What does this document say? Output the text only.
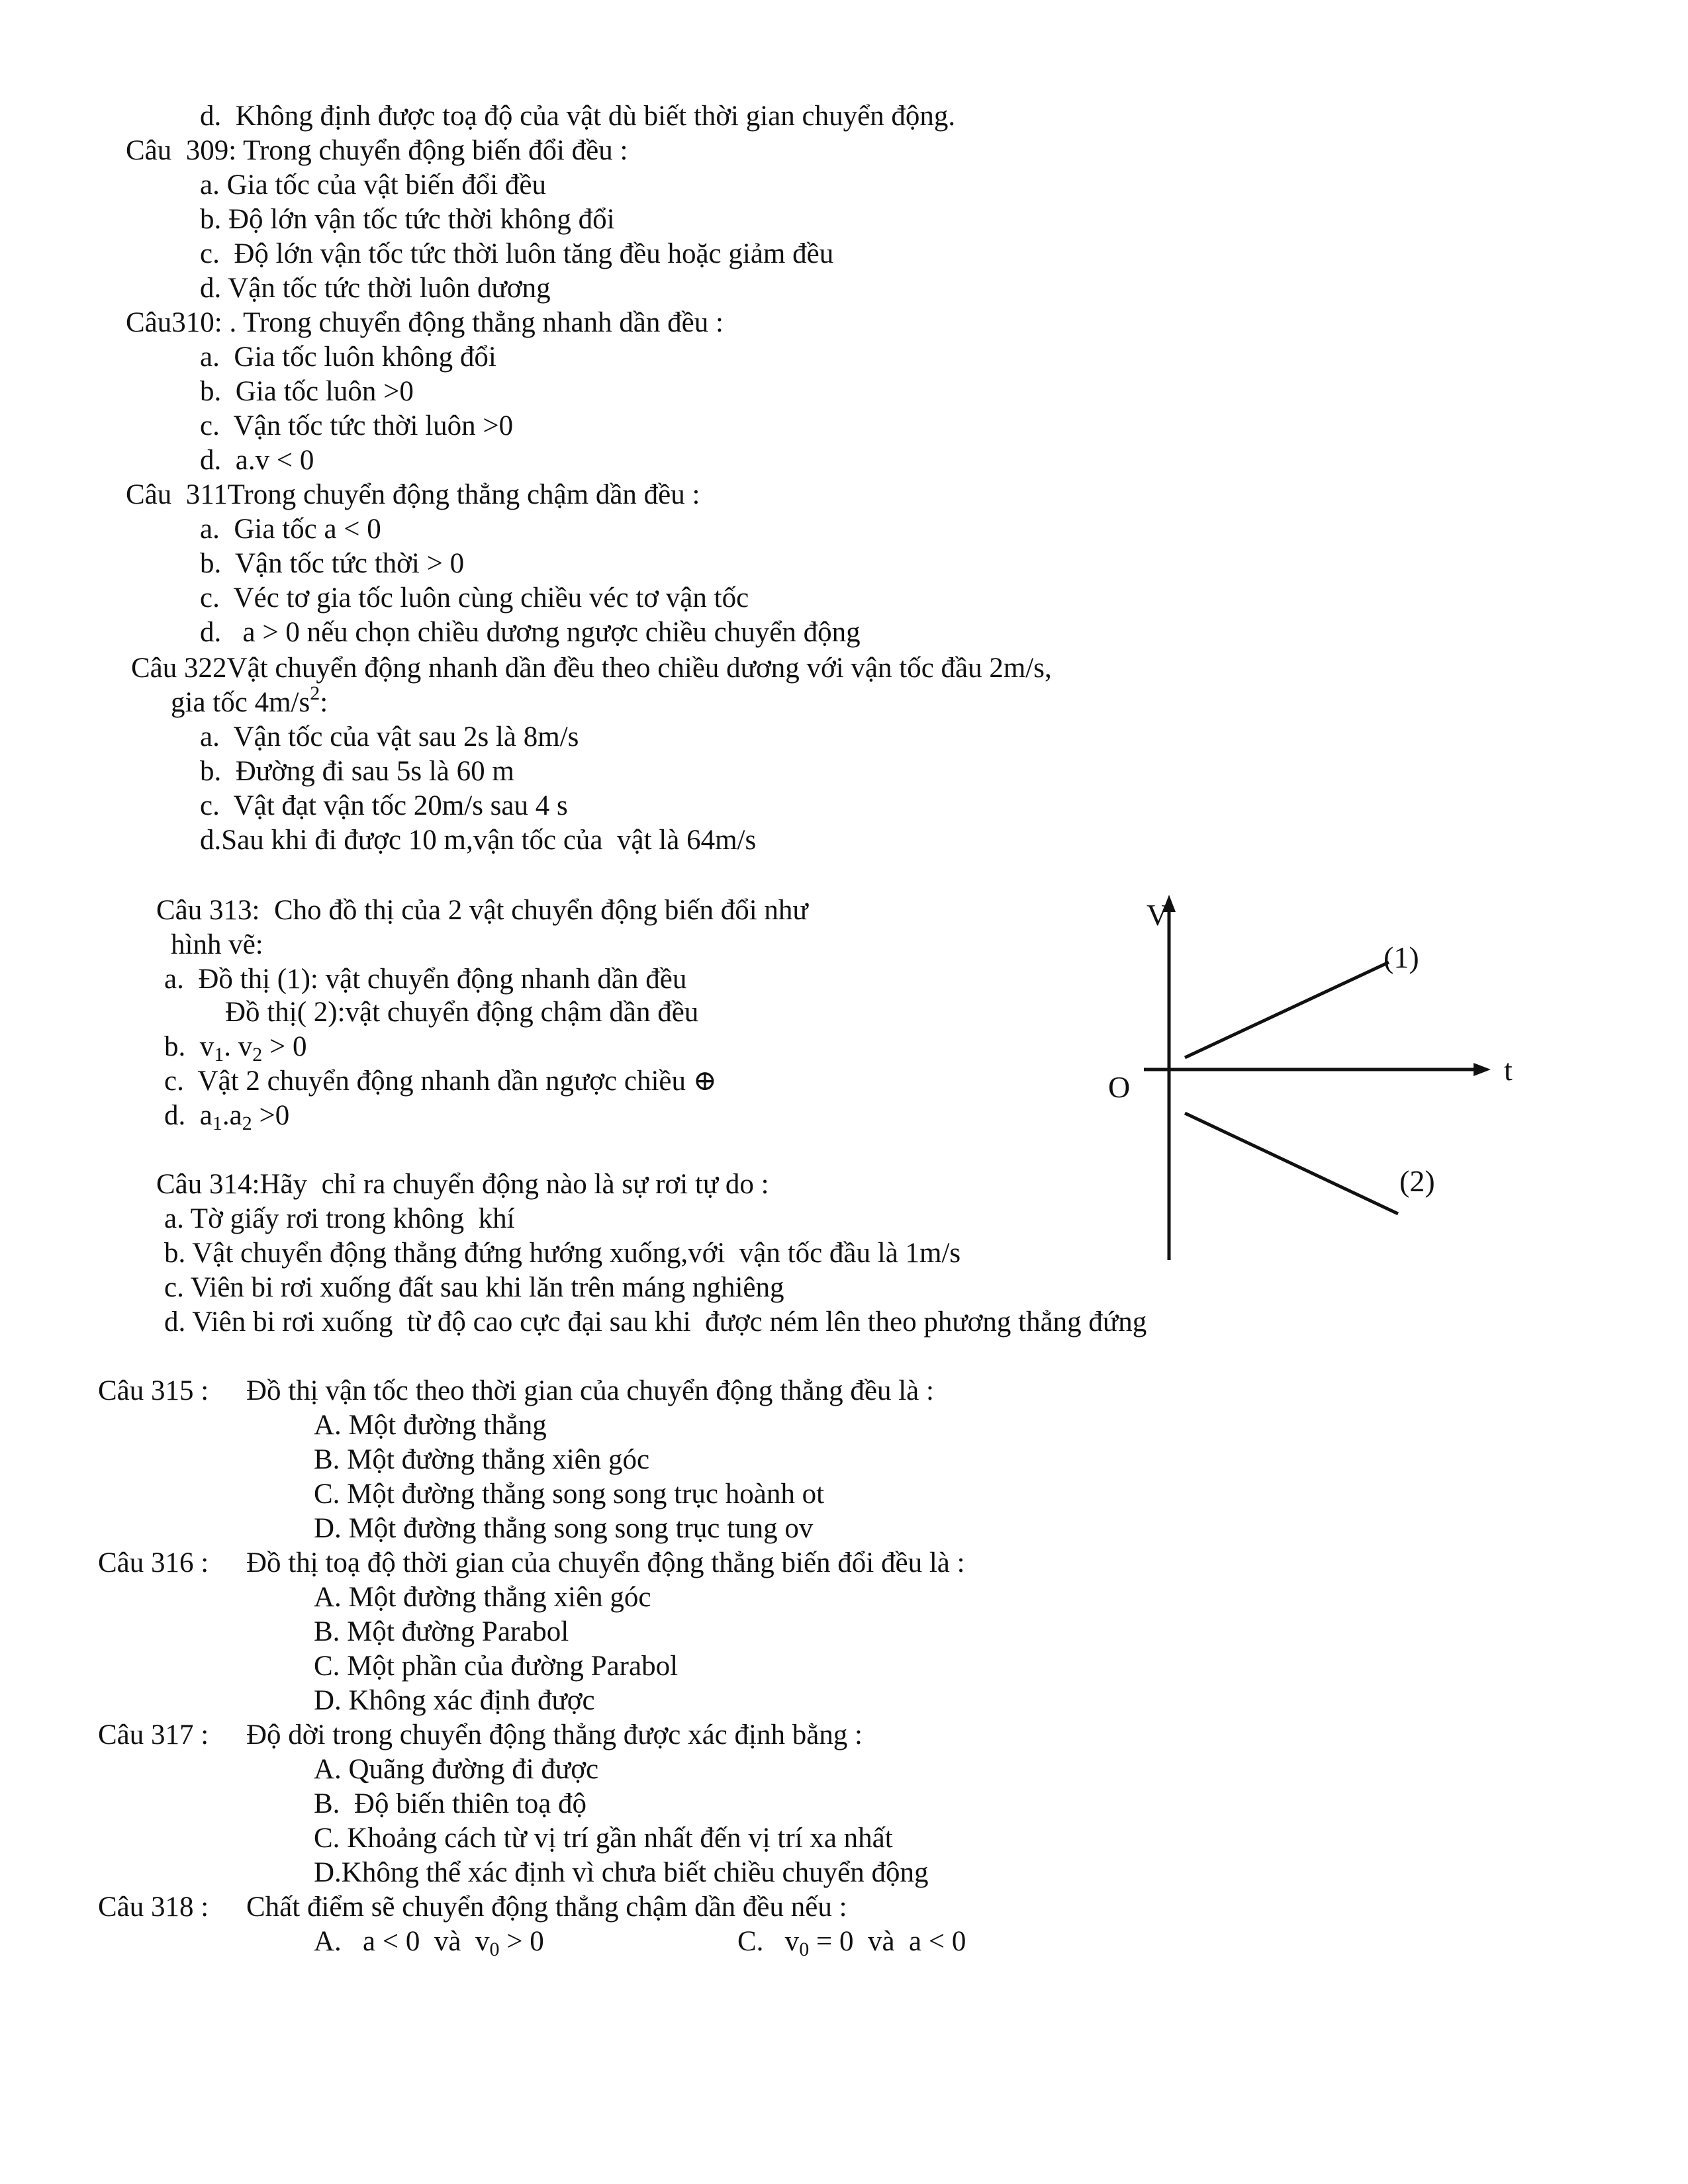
d.  Không định được toạ độ của vật dù biết thời gian chuyển động.
Câu  309: Trong chuyển động biến đổi đều :
a. Gia tốc của vật biến đổi đều
b. Độ lớn vận tốc tức thời không đổi
c.  Độ lớn vận tốc tức thời luôn tăng đều hoặc giảm đều
d. Vận tốc tức thời luôn dương
Câu310: . Trong chuyển động thẳng nhanh dần đều :
a.  Gia tốc luôn không đổi
b.  Gia tốc luôn >0
c.  Vận tốc tức thời luôn >0
d.  a.v < 0
Câu  311Trong chuyển động thẳng chậm dần đều :
a.  Gia tốc a < 0
b.  Vận tốc tức thời > 0
c.  Véc tơ gia tốc luôn cùng chiều véc tơ vận tốc
d.   a > 0 nếu chọn chiều dương ngược chiều chuyển động
Câu 322Vật chuyển động nhanh dần đều theo chiều dương với vận tốc đầu 2m/s,
gia tốc $4m/s^2$:
a.  Vận tốc của vật sau 2s là 8m/s
b.  Đường đi sau 5s là 60 m
c.  Vật đạt vận tốc 20m/s sau 4 s
d.Sau khi đi được 10 m,vận tốc của  vật là 64m/s
Câu 313:  Cho đồ thị của 2 vật chuyển động biến đổi như
hình vẽ:
a.  Đồ thị (1): vật chuyển động nhanh dần đều
Đồ thị( 2):vật chuyển động chậm dần đều
b.  $v_1$. $v_2 > 0$
c.  Vật 2 chuyển động nhanh dần ngược chiều ⊕
d.  $a_1.a_2 >0$
V
t
O
(1)
(2)
Câu 314:Hãy  chỉ ra chuyển động nào là sự rơi tự do :
a. Tờ giấy rơi trong không  khí
b. Vật chuyển động thẳng đứng hướng xuống,với  vận tốc đầu là 1m/s
c. Viên bi rơi xuống đất sau khi lăn trên máng nghiêng
d. Viên bi rơi xuống  từ độ cao cực đại sau khi  được ném lên theo phương thẳng đứng
Câu 315 : Đồ thị vận tốc theo thời gian của chuyển động thẳng đều là :
A. Một đường thẳng
B. Một đường thẳng xiên góc
C. Một đường thẳng song song trục hoành ot
D. Một đường thẳng song song trục tung ov
Câu 316 : Đồ thị toạ độ thời gian của chuyển động thẳng biến đổi đều là :
A. Một đường thẳng xiên góc
B. Một đường Parabol
C. Một phần của đường Parabol
D. Không xác định được
Câu 317 : Độ dời trong chuyển động thẳng được xác định bằng :
A. Quãng đường đi được
B.  Độ biến thiên toạ độ
C. Khoảng cách từ vị trí gần nhất đến vị trí xa nhất
D.Không thể xác định vì chưa biết chiều chuyển động
Câu 318 : Chất điểm sẽ chuyển động thẳng chậm dần đều nếu :
A.   a < 0  và  $v_0 > 0$	C.   $v_0 = 0$  và  a < 0
